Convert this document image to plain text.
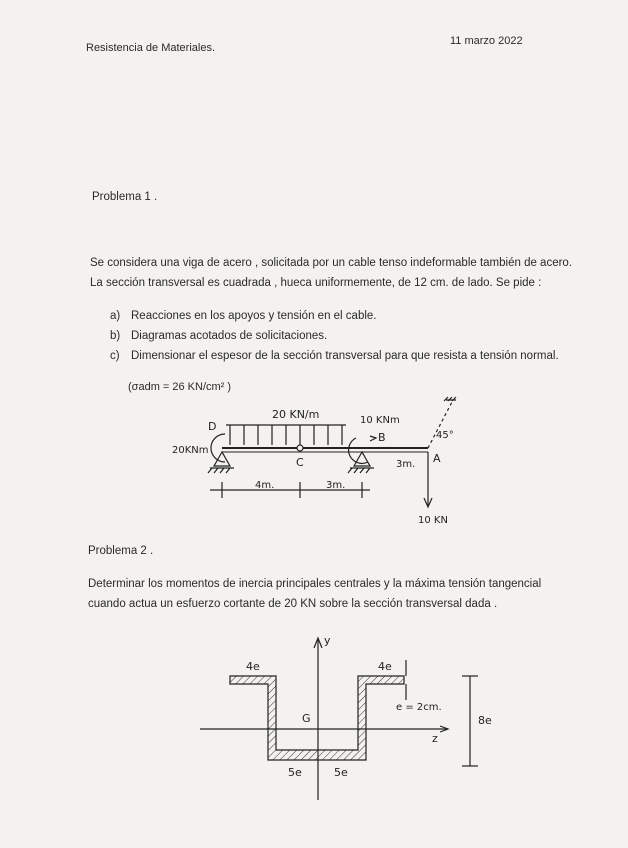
Resistencia de Materiales.
11 marzo 2022
Problema 1 .
Se considera una viga de acero , solicitada por un cable tenso indeformable también de acero.
La sección transversal es cuadrada , hueca uniformemente, de 12 cm. de lado. Se pide :
a) Reacciones en los apoyos y tensión en el cable.
b) Diagramas acotados de solicitaciones.
c) Dimensionar el espesor de la sección transversal para que resista a tensión normal.
(σadm = 26 KN/cm² )
D
20KNm
20 KN/m	10 KNm
B
C	A
45°
3m.
4m.	3m.
10 KN
Problema 2 .
Determinar los momentos de inercia principales centrales y la máxima tensión tangencial
cuando actua un esfuerzo cortante de 20 KN sobre la sección transversal dada .
y
4e	4e
G
e = 2cm.
z
8e
5e	5e
